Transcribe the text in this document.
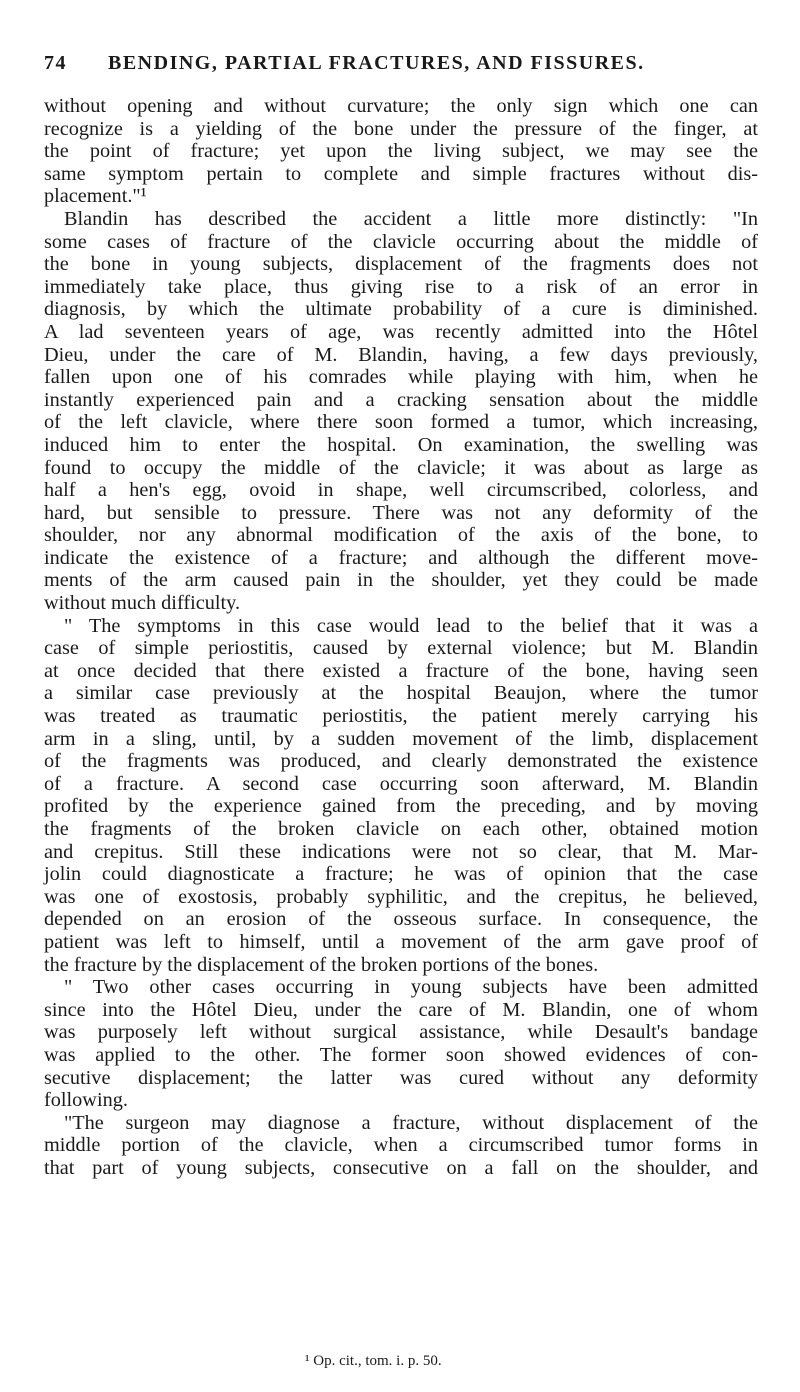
74 BENDING, PARTIAL FRACTURES, AND FISSURES.
without opening and without curvature; the only sign which one can
recognize is a yielding of the bone under the pressure of the finger, at
the point of fracture; yet upon the living subject, we may see the
same symptom pertain to complete and simple fractures without dis-
placement."¹
Blandin has described the accident a little more distinctly: "In
some cases of fracture of the clavicle occurring about the middle of
the bone in young subjects, displacement of the fragments does not
immediately take place, thus giving rise to a risk of an error in
diagnosis, by which the ultimate probability of a cure is diminished.
A lad seventeen years of age, was recently admitted into the Hôtel
Dieu, under the care of M. Blandin, having, a few days previously,
fallen upon one of his comrades while playing with him, when he
instantly experienced pain and a cracking sensation about the middle
of the left clavicle, where there soon formed a tumor, which increasing,
induced him to enter the hospital. On examination, the swelling was
found to occupy the middle of the clavicle; it was about as large as
half a hen's egg, ovoid in shape, well circumscribed, colorless, and
hard, but sensible to pressure. There was not any deformity of the
shoulder, nor any abnormal modification of the axis of the bone, to
indicate the existence of a fracture; and although the different move-
ments of the arm caused pain in the shoulder, yet they could be made
without much difficulty.
" The symptoms in this case would lead to the belief that it was a
case of simple periostitis, caused by external violence; but M. Blandin
at once decided that there existed a fracture of the bone, having seen
a similar case previously at the hospital Beaujon, where the tumor
was treated as traumatic periostitis, the patient merely carrying his
arm in a sling, until, by a sudden movement of the limb, displacement
of the fragments was produced, and clearly demonstrated the existence
of a fracture. A second case occurring soon afterward, M. Blandin
profited by the experience gained from the preceding, and by moving
the fragments of the broken clavicle on each other, obtained motion
and crepitus. Still these indications were not so clear, that M. Mar-
jolin could diagnosticate a fracture; he was of opinion that the case
was one of exostosis, probably syphilitic, and the crepitus, he believed,
depended on an erosion of the osseous surface. In consequence, the
patient was left to himself, until a movement of the arm gave proof of
the fracture by the displacement of the broken portions of the bones.
" Two other cases occurring in young subjects have been admitted
since into the Hôtel Dieu, under the care of M. Blandin, one of whom
was purposely left without surgical assistance, while Desault's bandage
was applied to the other. The former soon showed evidences of con-
secutive displacement; the latter was cured without any deformity
following.
"The surgeon may diagnose a fracture, without displacement of the
middle portion of the clavicle, when a circumscribed tumor forms in
that part of young subjects, consecutive on a fall on the shoulder, and
¹ Op. cit., tom. i. p. 50.
